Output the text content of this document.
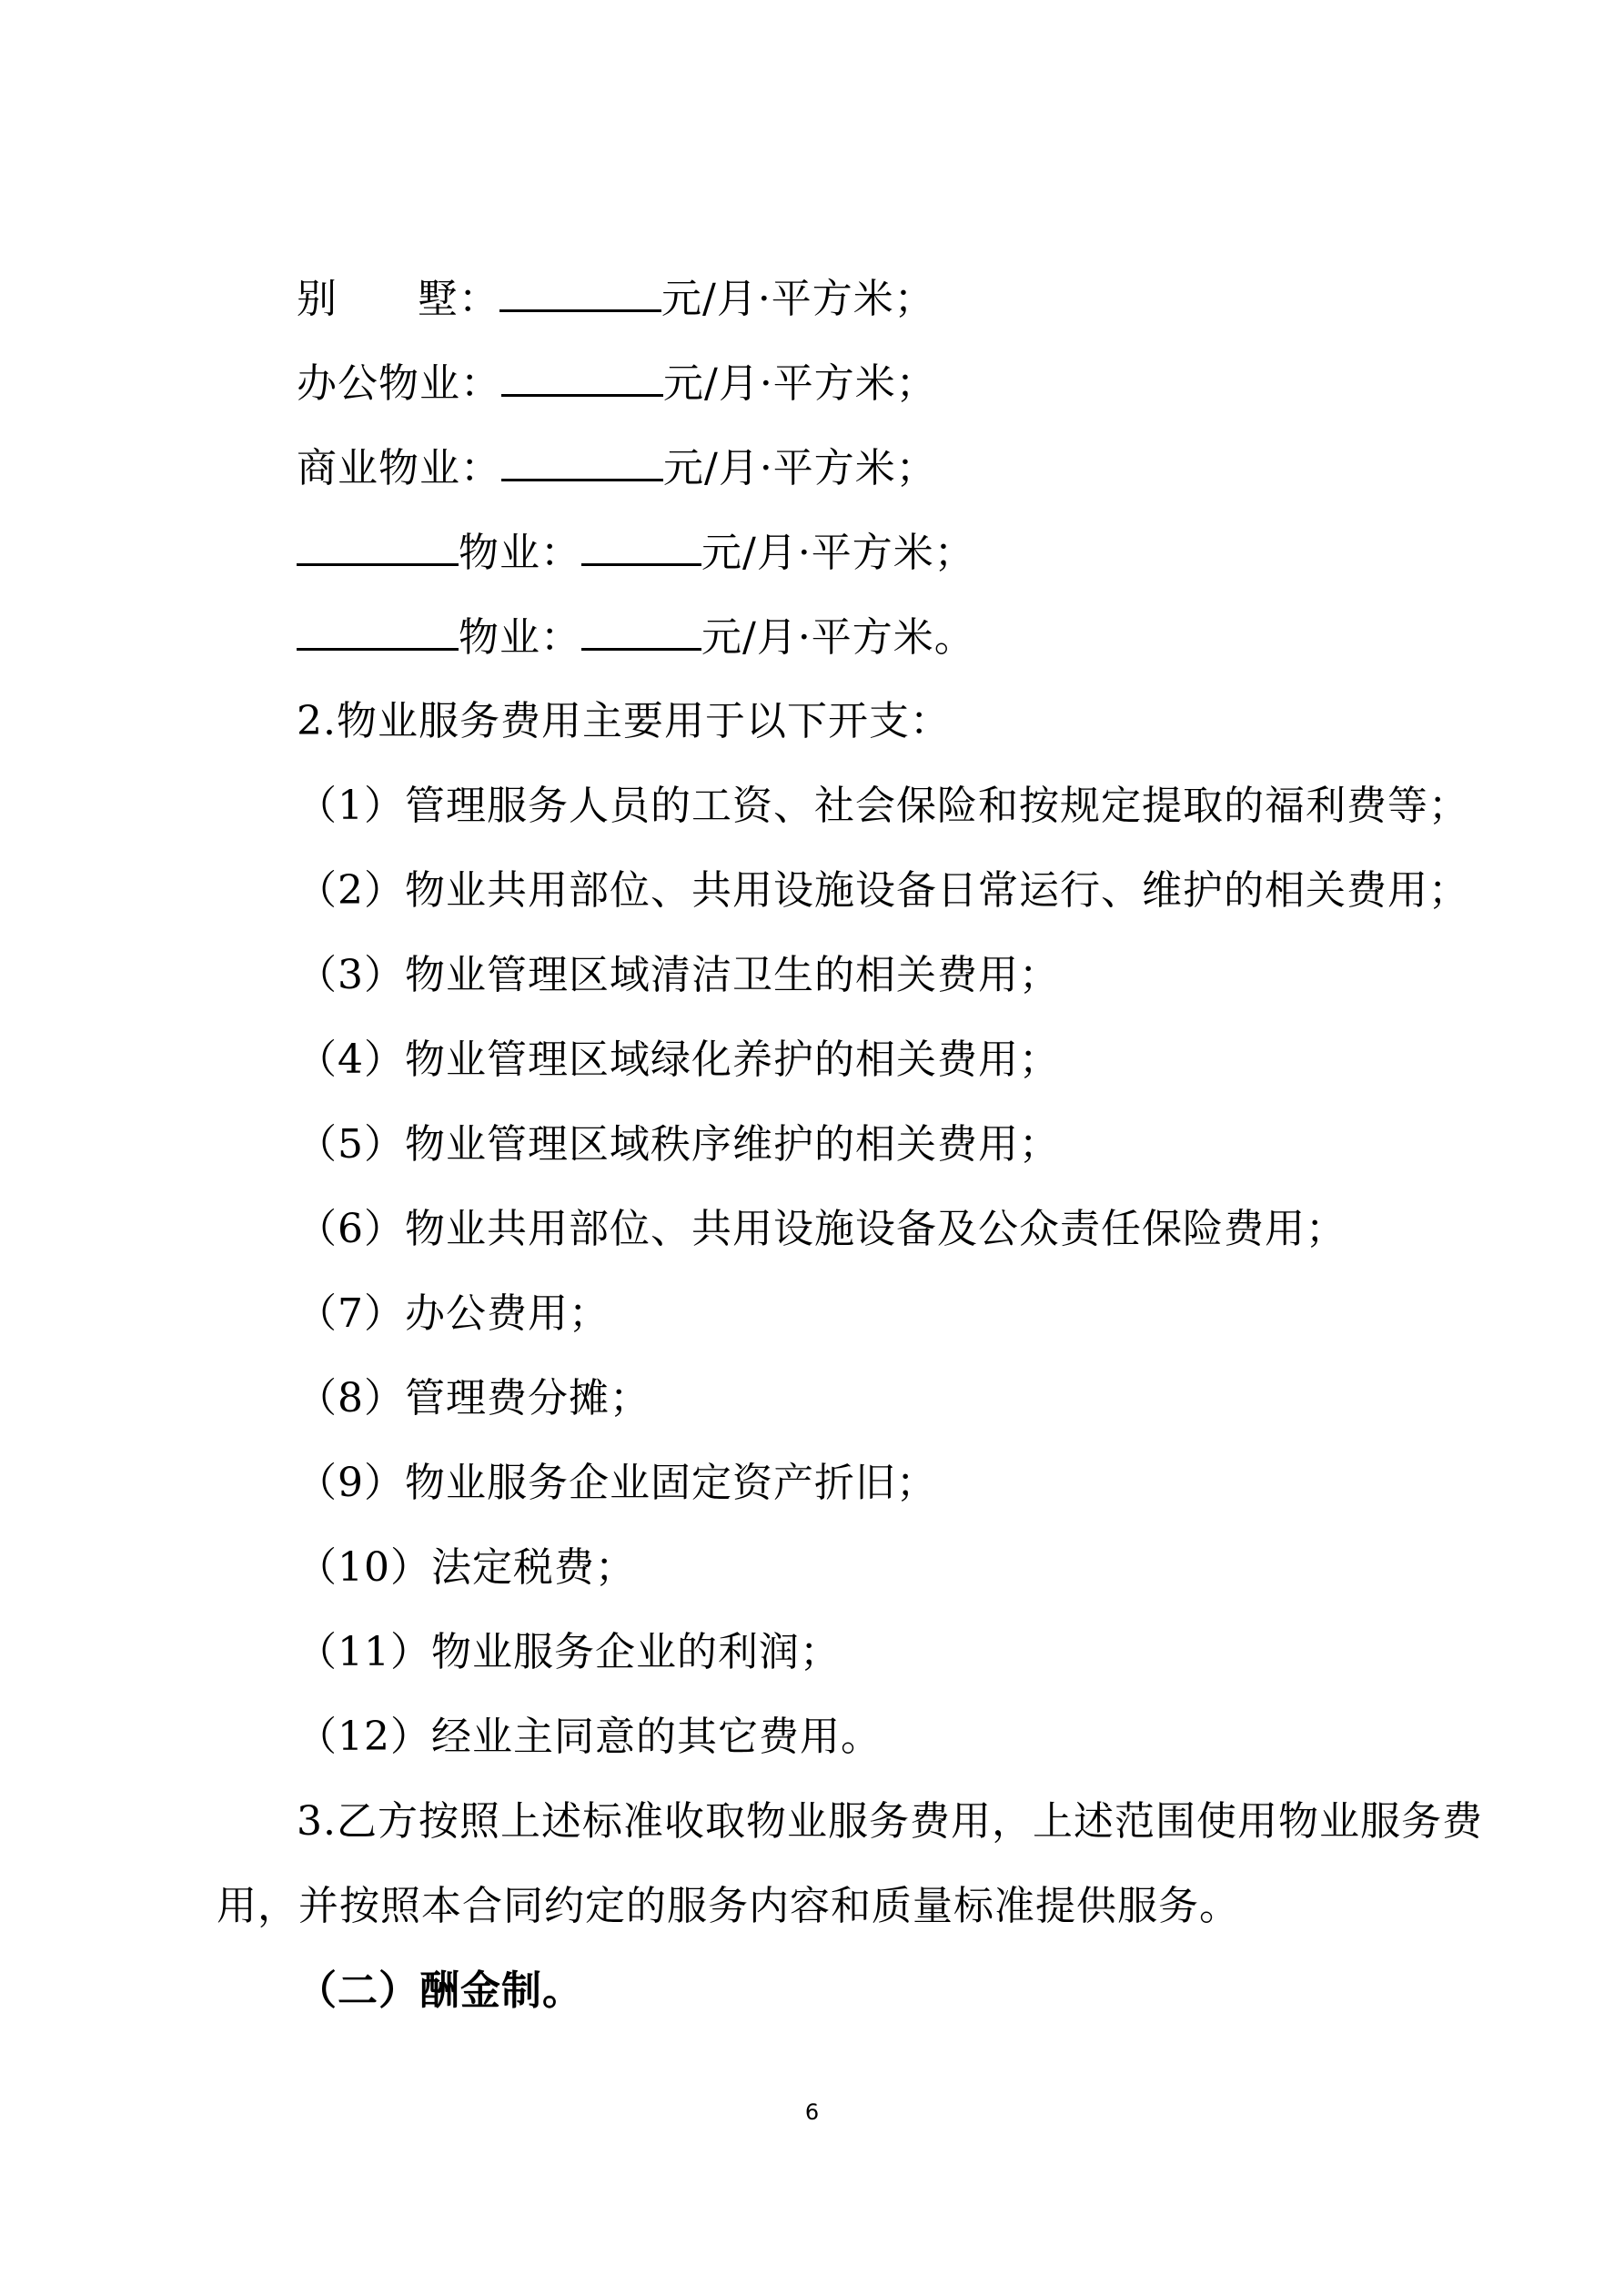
别 墅：	元/月·平方米；
办公物业：	元/月·平方米；
商业物业：	元/月·平方米；
物业：	元/月·平方米；
物业：	元/月·平方米。
2.物业服务费用主要用于以下开支：
（1）管理服务人员的工资、社会保险和按规定提取的福利费等；
（2）物业共用部位、共用设施设备日常运行、维护的相关费用；
（3）物业管理区域清洁卫生的相关费用；
（4）物业管理区域绿化养护的相关费用；
（5）物业管理区域秩序维护的相关费用；
（6）物业共用部位、共用设施设备及公众责任保险费用；
（7）办公费用；
（8）管理费分摊；
（9）物业服务企业固定资产折旧；
（10）法定税费；
（11）物业服务企业的利润；
（12）经业主同意的其它费用。
3.乙方按照上述标准收取物业服务费用，上述范围使用物业服务费
用，并按照本合同约定的服务内容和质量标准提供服务。
（二）酬金制。
6
